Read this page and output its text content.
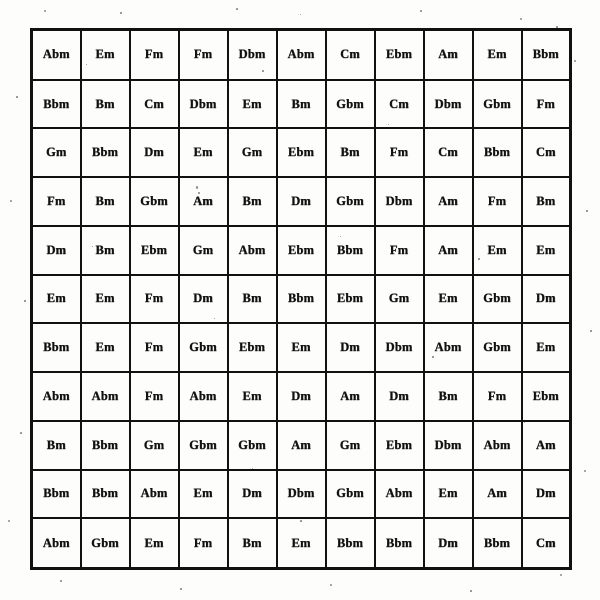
Abm	Em	Fm	Fm	Dbm	Abm	Cm	Ebm	Am	Em	Bbm
Bbm	Bm	Cm	Dbm	Em	Bm	Gbm	Cm	Dbm	Gbm	Fm
Gm	Bbm	Dm	Em	Gm	Ebm	Bm	Fm	Cm	Bbm	Cm
Fm	Bm	Gbm	Am	Bm	Dm	Gbm	Dbm	Am	Fm	Bm
Dm	Bm	Ebm	Gm	Abm	Ebm	Bbm	Fm	Am	Em	Em
Em	Em	Fm	Dm	Bm	Bbm	Ebm	Gm	Em	Gbm	Dm
Bbm	Em	Fm	Gbm	Ebm	Em	Dm	Dbm	Abm	Gbm	Em
Abm	Abm	Fm	Abm	Em	Dm	Am	Dm	Bm	Fm	Ebm
Bm	Bbm	Gm	Gbm	Gbm	Am	Gm	Ebm	Dbm	Abm	Am
Bbm	Bbm	Abm	Em	Dm	Dbm	Gbm	Abm	Em	Am	Dm
Abm	Gbm	Em	Fm	Bm	Em	Bbm	Bbm	Dm	Bbm	Cm
